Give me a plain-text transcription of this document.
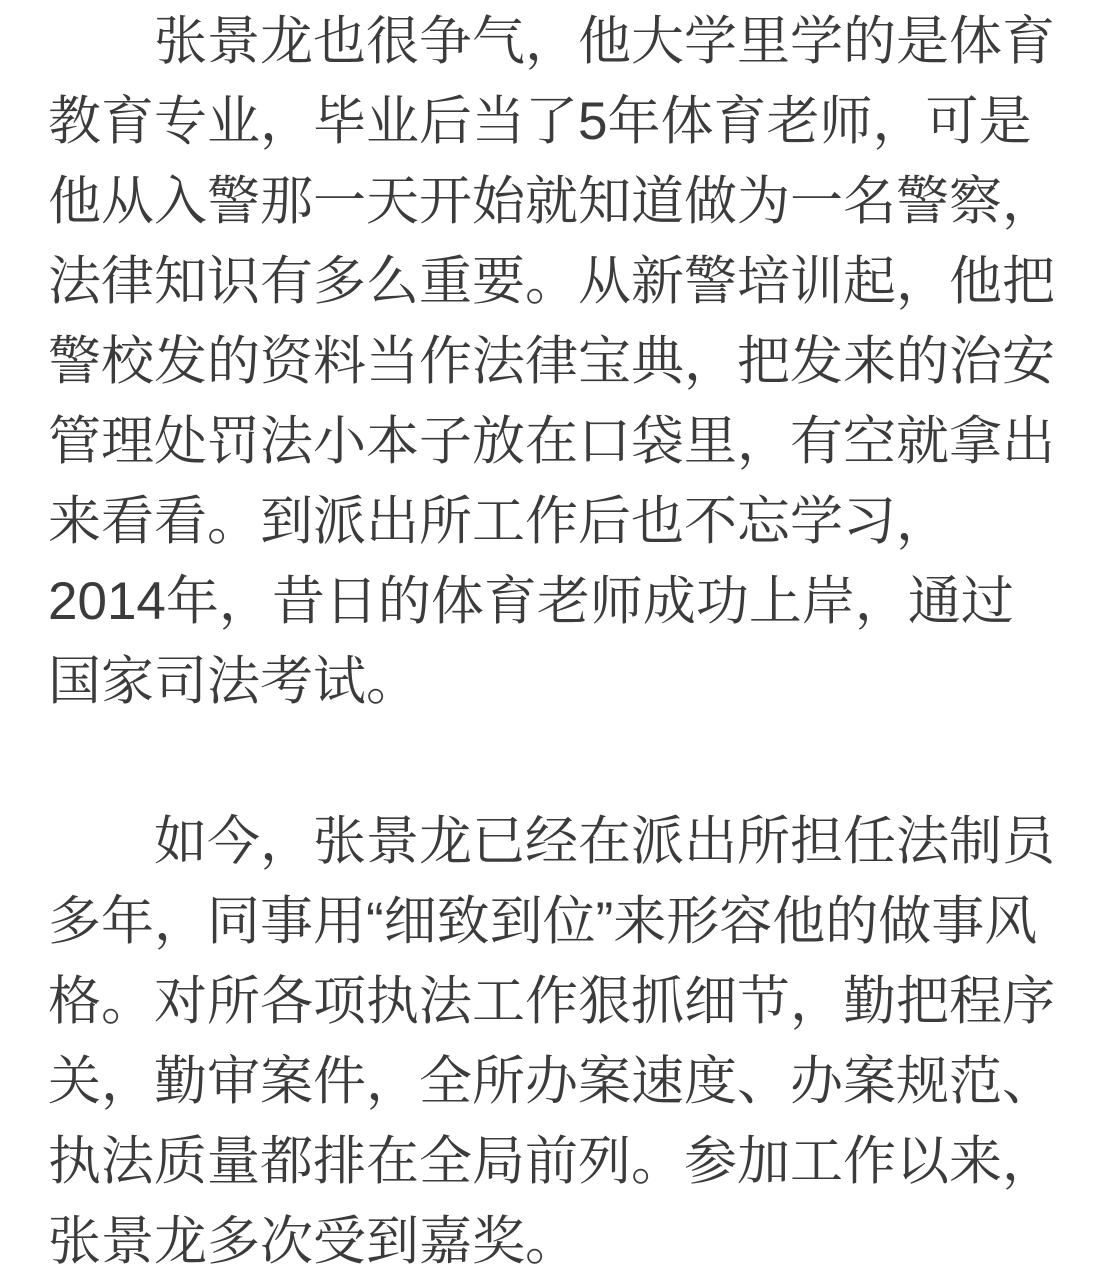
张景龙也很争气，他大学里学的是体育
教育专业，毕业后当了5年体育老师，可是
他从入警那一天开始就知道做为一名警察，
法律知识有多么重要。从新警培训起，他把
警校发的资料当作法律宝典，把发来的治安
管理处罚法小本子放在口袋里，有空就拿出
来看看。到派出所工作后也不忘学习，
2014年，昔日的体育老师成功上岸，通过
国家司法考试。
如今，张景龙已经在派出所担任法制员
多年，同事用“细致到位”来形容他的做事风
格。对所各项执法工作狠抓细节，勤把程序
关，勤审案件，全所办案速度、办案规范、
执法质量都排在全局前列。参加工作以来，
张景龙多次受到嘉奖。
